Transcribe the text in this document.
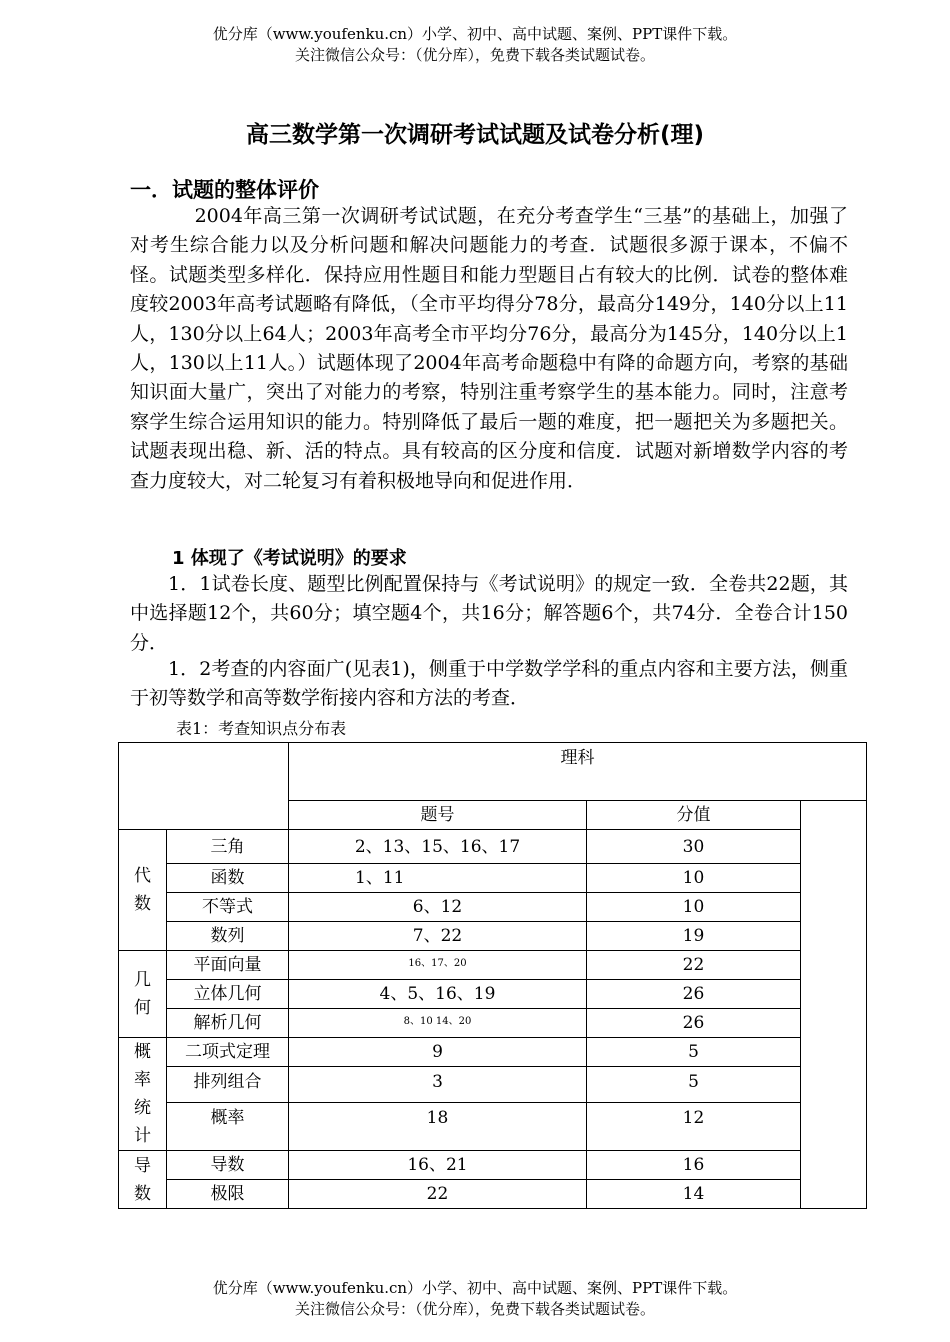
优分库（www.youfenku.cn）小学、初中、高中试题、案例、PPT课件下载。
关注微信公众号：（优分库），免费下载各类试题试卷。
高三数学第一次调研考试试题及试卷分析(理)
一．试题的整体评价
2004年高三第一次调研考试试题，在充分考查学生“三基”的基础上，加强了对考生综合能力以及分析问题和解决问题能力的考查．试题很多源于课本，不偏不怪。试题类型多样化．保持应用性题目和能力型题目占有较大的比例．试卷的整体难度较2003年高考试题略有降低，（全市平均得分78分，最高分149分，140分以上11人，130分以上64人；2003年高考全市平均分76分，最高分为145分，140分以上1人，130以上11人。）试题体现了2004年高考命题稳中有降的命题方向，考察的基础知识面大量广，突出了对能力的考察，特别注重考察学生的基本能力。同时，注意考察学生综合运用知识的能力。特别降低了最后一题的难度，把一题把关为多题把关。试题表现出稳、新、活的特点。具有较高的区分度和信度．试题对新增数学内容的考查力度较大，对二轮复习有着积极地导向和促进作用．
1 体现了《考试说明》的要求
1．1试卷长度、题型比例配置保持与《考试说明》的规定一致．全卷共22题，其中选择题12个，共60分；填空题4个，共16分；解答题6个，共74分．全卷合计150分．
1．2考查的内容面广(见表1)，侧重于中学数学学科的重点内容和主要方法，侧重于初等数学和高等数学衔接内容和方法的考查．
表1：考查知识点分布表
		理科		
		题号	分值	
代
数	三角	2、13、15、16、17	30	
	函数	1、11	10	
	不等式	6、12	10	
	数列	7、22	19	
几
何	平面向量	16、17、20	22	
	立体几何	4、5、16、19	26	
	解析几何	8、10 14、20	26	
概
率
统
计	二项式定理	9	5	
	排列组合	3	5	
	概率	18	12	
导
数	导数	16、21	16	
	极限	22	14	
优分库（www.youfenku.cn）小学、初中、高中试题、案例、PPT课件下载。
关注微信公众号：（优分库），免费下载各类试题试卷。
